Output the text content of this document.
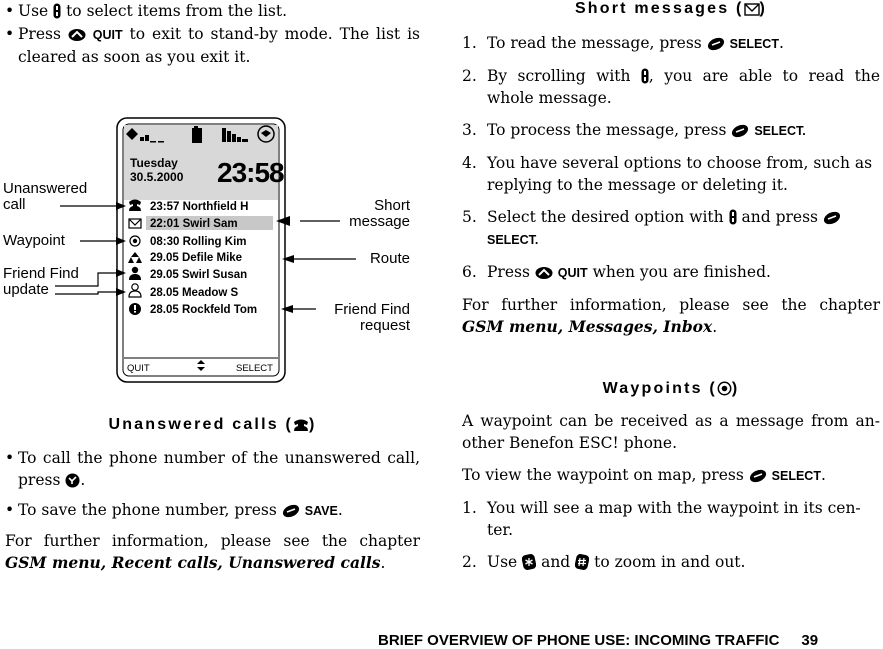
• Use to select items from the list.

• Press	QUIT to exit to stand-by mode. The list is cleared as soon as you exit it.

Tuesday
30.5.2000 23:58
23:57 Northfield H
22:01 Swirl Sam
08:30 Rolling Kim
29.05 Defile Mike
29.05 Swirl Susan
28.05 Meadow S
28.05 Rockfeld Tom
QUIT	SELECT
Unanswered
call
Waypoint
Friend Find
update
Short
message
Route
Friend Find
request
Unanswered calls ( )

• To call the phone number of the unanswered call, press .

• To save the phone number, press SAVE.

For further information, please see the chapter GSM menu, Recent calls, Unanswered calls.

Short messages ( )

1. To read the message, press SELECT.

2. By scrolling with , you are able to read the whole message.

3. To process the message, press SELECT.

4. You have several options to choose from, such as replying to the message or deleting it.

5. Select the desired option with and press
SELECT.

6. Press QUIT when you are finished.

For further information, please see the chapter GSM menu, Messages, Inbox.

Waypoints ( )

A waypoint can be received as a message from an-other Benefon ESC! phone.

To view the waypoint on map, press SELECT.

1. You will see a map with the waypoint in its cen-ter.

2. Use and to zoom in and out.

BRIEF OVERVIEW OF PHONE USE: INCOMING TRAFFIC 39
